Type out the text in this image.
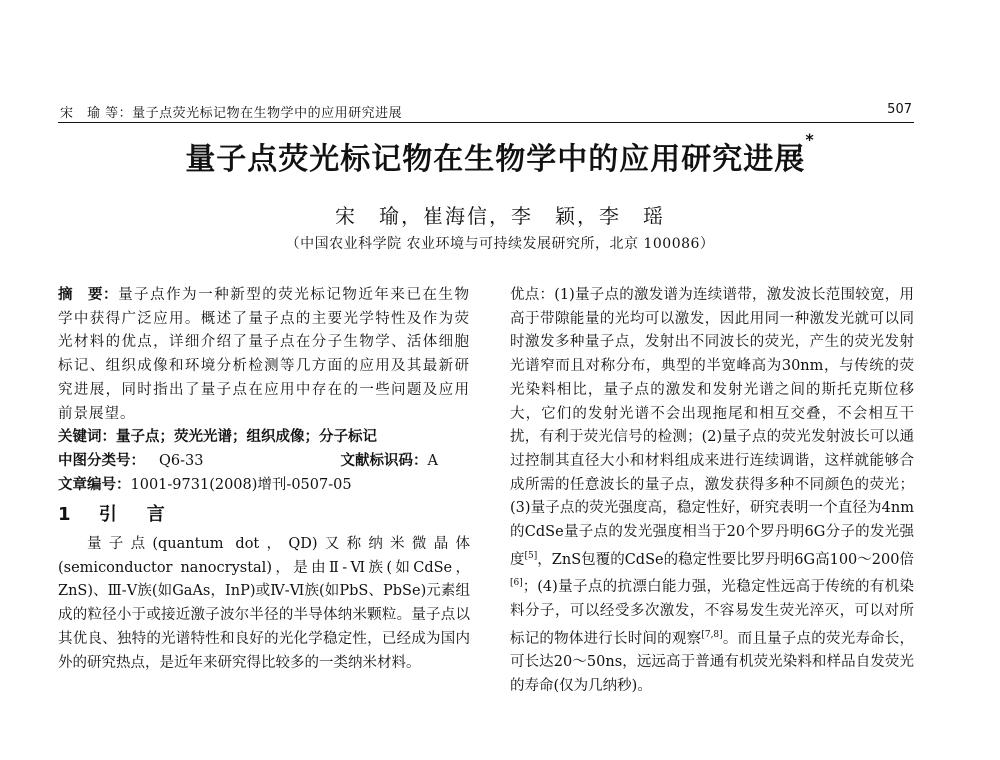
宋　瑜 等：量子点荧光标记物在生物学中的应用研究进展	507
量子点荧光标记物在生物学中的应用研究进展*
宋　瑜，崔海信，李　颖，李　瑶
（中国农业科学院 农业环境与可持续发展研究所，北京 100086）

摘　要：量子点作为一种新型的荧光标记物近年来已在生物学中获得广泛应用。概述了量子点的主要光学特性及作为荧光材料的优点，详细介绍了量子点在分子生物学、活体细胞标记、组织成像和环境分析检测等几方面的应用及其最新研究进展，同时指出了量子点在应用中存在的一些问题及应用前景展望。

关键词：量子点；荧光光谱；组织成像；分子标记

中图分类号： Q6-33	文献标识码： A

文章编号：1001-9731(2008)增刊-0507-05

1 引　言

量子点(quantum dot，QD)又称纳米微晶体(semiconductor nanocrystal)，是由Ⅱ-Ⅵ族(如CdSe，ZnS)、Ⅲ-Ⅴ族(如GaAs，InP)或Ⅳ-Ⅵ族(如PbS、PbSe)元素组成的粒径小于或接近激子波尔半径的半导体纳米颗粒。量子点以其优良、独特的光谱特性和良好的光化学稳定性，已经成为国内外的研究热点，是近年来研究得比较多的一类纳米材料。

优点：(1)量子点的激发谱为连续谱带，激发波长范围较宽，用高于带隙能量的光均可以激发，因此用同一种激发光就可以同时激发多种量子点，发射出不同波长的荧光，产生的荧光发射光谱窄而且对称分布，典型的半宽峰高为30nm，与传统的荧光染料相比，量子点的激发和发射光谱之间的斯托克斯位移大，它们的发射光谱不会出现拖尾和相互交叠，不会相互干扰，有利于荧光信号的检测；(2)量子点的荧光发射波长可以通过控制其直径大小和材料组成来进行连续调谐，这样就能够合成所需的任意波长的量子点，激发获得多种不同颜色的荧光；(3)量子点的荧光强度高，稳定性好，研究表明一个直径为4nm的CdSe量子点的发光强度相当于20个罗丹明6G分子的发光强度[5]，ZnS包覆的CdSe的稳定性要比罗丹明6G高100～200倍[6]；(4)量子点的抗漂白能力强，光稳定性远高于传统的有机染料分子，可以经受多次激发，不容易发生荧光淬灭，可以对所标记的物体进行长时间的观察[7,8]。而且量子点的荧光寿命长，可长达20～50ns，远远高于普通有机荧光染料和样品自发荧光的寿命(仅为几纳秒)。
